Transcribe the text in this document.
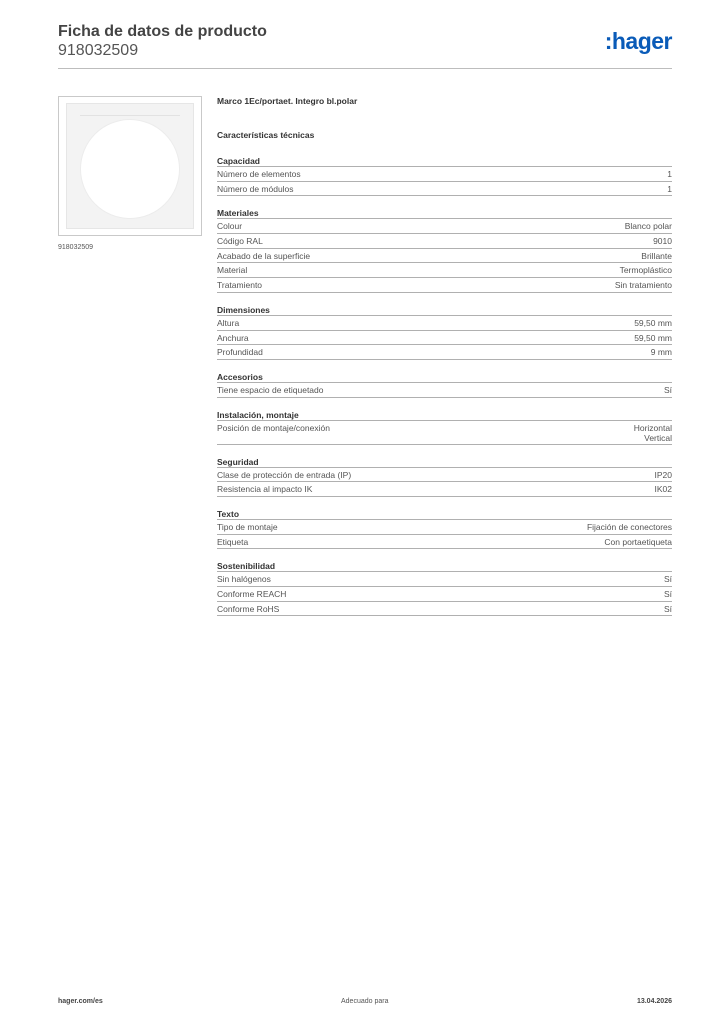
Ficha de datos de producto
918032509	:hager
918032509
Marco 1Ec/portaet. Integro bl.polar
Características técnicas
Capacidad
Número de elementos	1
Número de módulos	1
Materiales
Colour	Blanco polar
Código RAL	9010
Acabado de la superficie	Brillante
Material	Termoplástico
Tratamiento	Sin tratamiento
Dimensiones
Altura	59,50 mm
Anchura	59,50 mm
Profundidad	9 mm
Accesorios
Tiene espacio de etiquetado	Sí
Instalación, montaje
Posición de montaje/conexión	Horizontal
Vertical
Seguridad
Clase de protección de entrada (IP)	IP20
Resistencia al impacto IK	IK02
Texto
Tipo de montaje	Fijación de conectores
Etiqueta	Con portaetiqueta
Sostenibilidad
Sin halógenos	Sí
Conforme REACH	Sí
Conforme RoHS	Sí
hager.com/es	Adecuado para	13.04.2026
